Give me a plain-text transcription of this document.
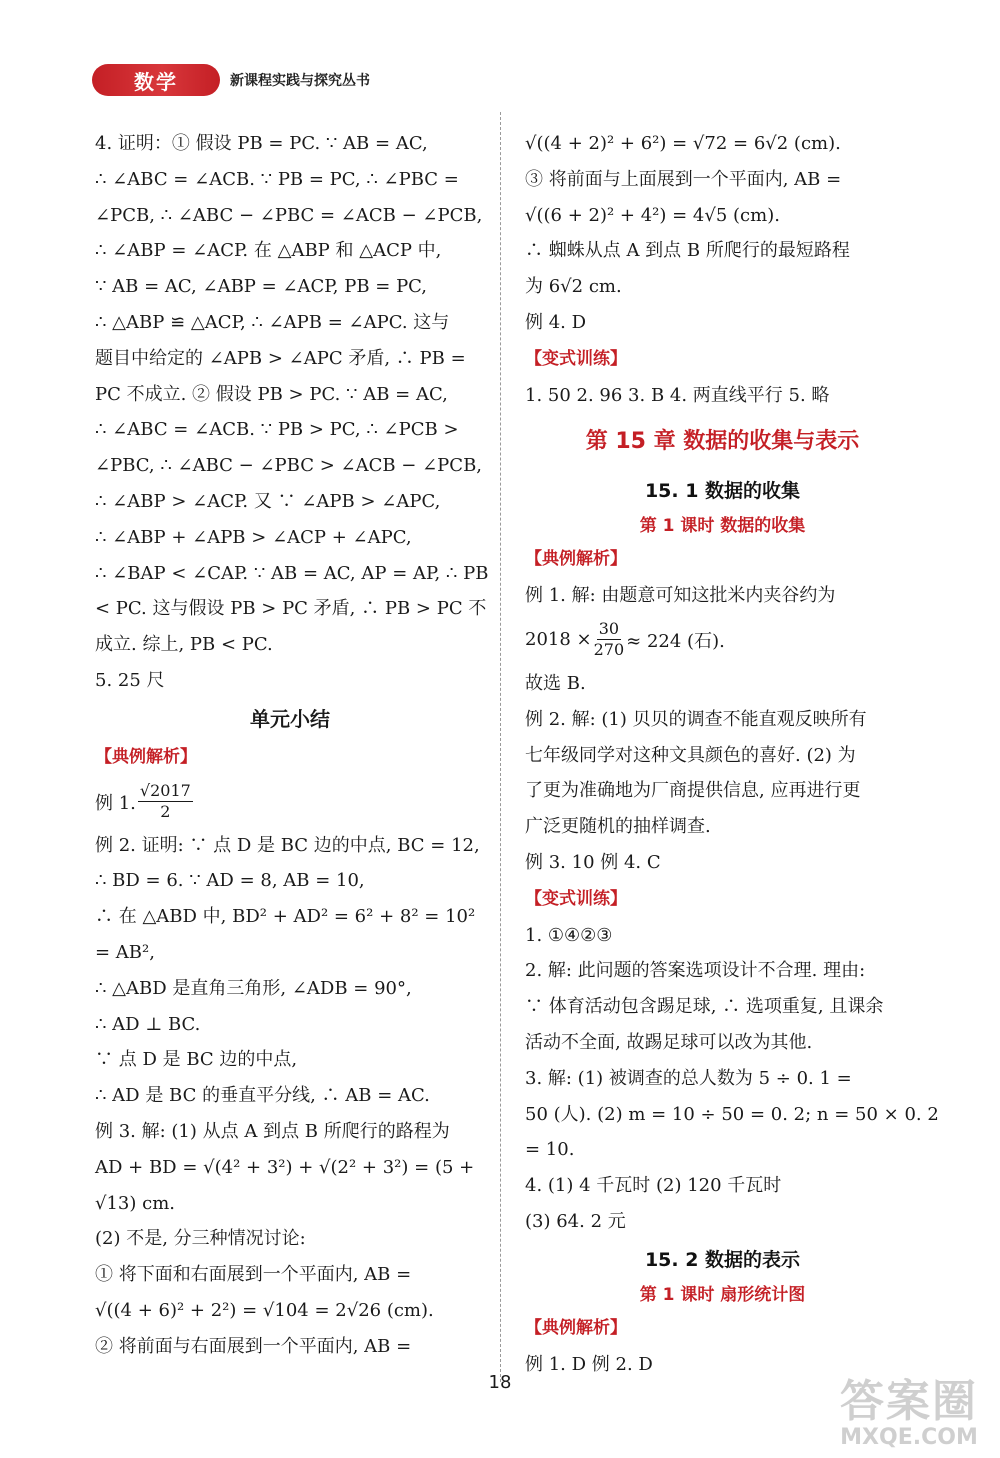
数学	新课程实践与探究丛书
4. 证明：① 假设 PB = PC. ∵ AB = AC,
∴ ∠ABC = ∠ACB. ∵ PB = PC, ∴ ∠PBC =
∠PCB, ∴ ∠ABC − ∠PBC = ∠ACB − ∠PCB,
∴ ∠ABP = ∠ACP. 在 △ABP 和 △ACP 中,
∵ AB = AC, ∠ABP = ∠ACP, PB = PC,
∴ △ABP ≌ △ACP, ∴ ∠APB = ∠APC. 这与
题目中给定的 ∠APB > ∠APC 矛盾, ∴ PB =
PC 不成立. ② 假设 PB > PC. ∵ AB = AC,
∴ ∠ABC = ∠ACB. ∵ PB > PC, ∴ ∠PCB >
∠PBC, ∴ ∠ABC − ∠PBC > ∠ACB − ∠PCB,
∴ ∠ABP > ∠ACP. 又 ∵ ∠APB > ∠APC,
∴ ∠ABP + ∠APB > ∠ACP + ∠APC,
∴ ∠BAP < ∠CAP. ∵ AB = AC, AP = AP, ∴ PB
< PC. 这与假设 PB > PC 矛盾, ∴ PB > PC 不
成立. 综上, PB < PC.
5. 25 尺
单元小结
【典例解析】
例 1. $\frac{√2017}{2}$
例 2. 证明: ∵ 点 D 是 BC 边的中点, BC = 12,
∴ BD = 6. ∵ AD = 8, AB = 10,
∴ 在 △ABD 中, BD² + AD² = 6² + 8² = 10²
= AB²,
∴ △ABD 是直角三角形, ∠ADB = 90°,
∴ AD ⊥ BC.
∵ 点 D 是 BC 边的中点,
∴ AD 是 BC 的垂直平分线, ∴ AB = AC.
例 3. 解: (1) 从点 A 到点 B 所爬行的路程为
AD + BD = √(4² + 3²) + √(2² + 3²) = (5 +
√13) cm.
(2) 不是, 分三种情况讨论:
① 将下面和右面展到一个平面内, AB =
√((4 + 6)² + 2²) = √104 = 2√26 (cm).
② 将前面与右面展到一个平面内, AB =
√((4 + 2)² + 6²) = √72 = 6√2 (cm).
③ 将前面与上面展到一个平面内, AB =
√((6 + 2)² + 4²) = 4√5 (cm).
∴ 蜘蛛从点 A 到点 B 所爬行的最短路程
为 6√2 cm.
例 4. D
【变式训练】
1. 50 2. 96 3. B 4. 两直线平行 5. 略
第 15 章 数据的收集与表示
15. 1 数据的收集
第 1 课时 数据的收集
【典例解析】
例 1. 解: 由题意可知这批米内夹谷约为
$2018 \times \frac{30}{270} \approx 224$ (石).
故选 B.
例 2. 解: (1) 贝贝的调查不能直观反映所有
七年级同学对这种文具颜色的喜好. (2) 为
了更为准确地为厂商提供信息, 应再进行更
广泛更随机的抽样调查.
例 3. 10 例 4. C
【变式训练】
1. ①④②③
2. 解: 此问题的答案选项设计不合理. 理由:
∵ 体育活动包含踢足球, ∴ 选项重复, 且课余
活动不全面, 故踢足球可以改为其他.
3. 解: (1) 被调查的总人数为 5 ÷ 0. 1 =
50 (人). (2) m = 10 ÷ 50 = 0. 2; n = 50 × 0. 2
= 10.
4. (1) 4 千瓦时 (2) 120 千瓦时
(3) 64. 2 元
15. 2 数据的表示
第 1 课时 扇形统计图
【典例解析】
例 1. D 例 2. D
18	答案圈
MXQE.COM
